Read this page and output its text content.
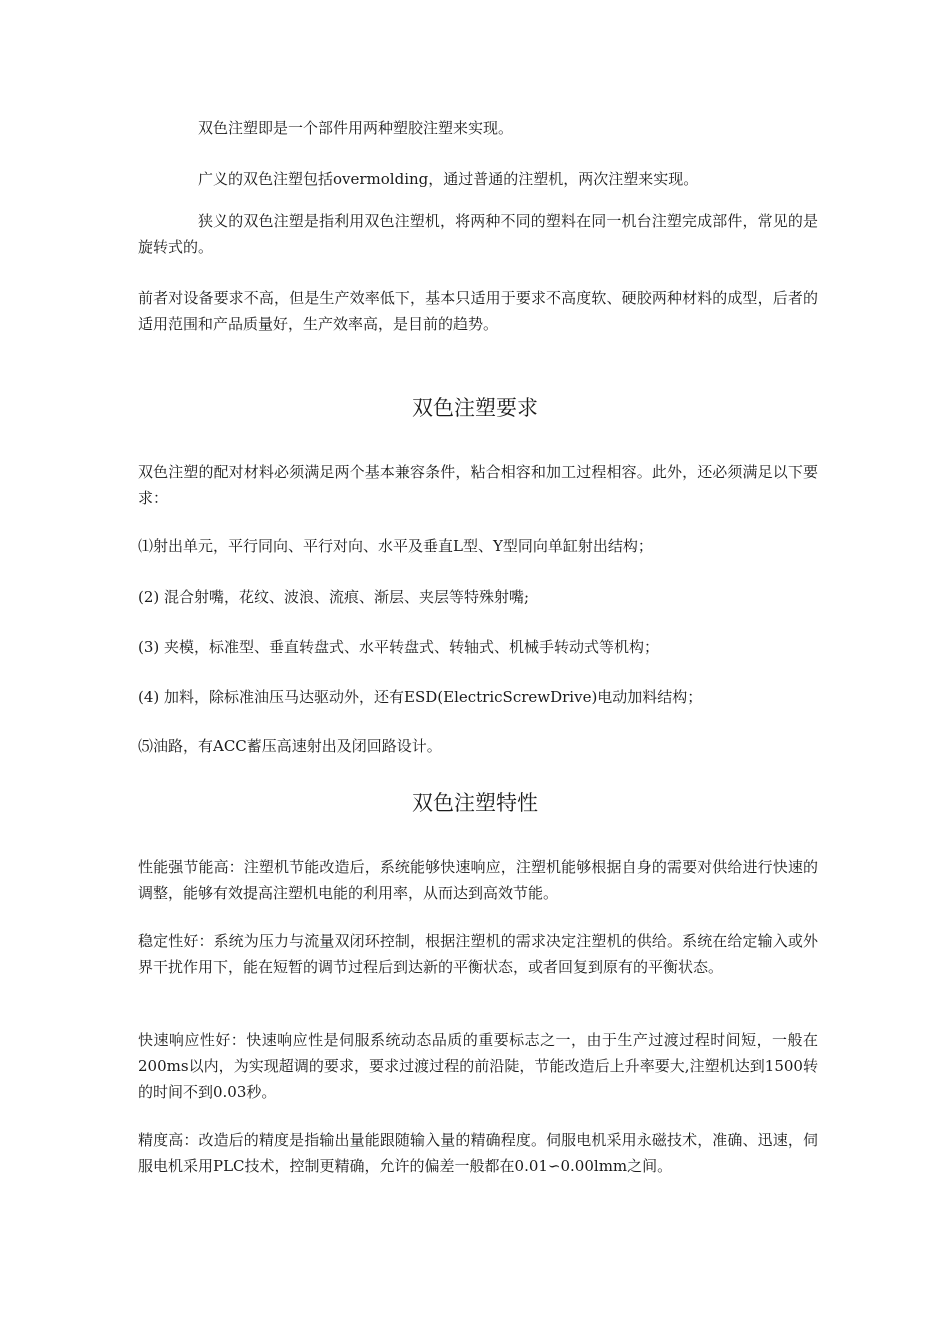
双色注塑即是一个部件用两种塑胶注塑来实现。

广义的双色注塑包括overmolding，通过普通的注塑机，两次注塑来实现。

狭义的双色注塑是指利用双色注塑机，将两种不同的塑料在同一机台注塑完成部件，常见的是旋转式的。

前者对设备要求不高，但是生产效率低下，基本只适用于要求不高度软、硬胶两种材料的成型，后者的适用范围和产品质量好，生产效率高，是目前的趋势。

双色注塑要求

双色注塑的配对材料必须满足两个基本兼容条件，粘合相容和加工过程相容。此外，还必须满足以下要求：

⑴射出单元，平行同向、平行对向、水平及垂直L型、Y型同向单缸射出结构；

(2) 混合射嘴，花纹、波浪、流痕、渐层、夹层等特殊射嘴;

(3) 夹模，标准型、垂直转盘式、水平转盘式、转轴式、机械手转动式等机构；

(4) 加料，除标准油压马达驱动外，还有ESD(ElectricScrewDrive)电动加料结构；

⑸油路，有ACC蓄压高速射出及闭回路设计。

双色注塑特性

性能强节能高：注塑机节能改造后，系统能够快速响应，注塑机能够根据自身的需要对供给进行快速的调整，能够有效提高注塑机电能的利用率，从而达到高效节能。

稳定性好：系统为压力与流量双闭环控制，根据注塑机的需求决定注塑机的供给。系统在给定输入或外界干扰作用下，能在短暂的调节过程后到达新的平衡状态，或者回复到原有的平衡状态。

快速响应性好：快速响应性是伺服系统动态品质的重要标志之一，由于生产过渡过程时间短，一般在200ms以内，为实现超调的要求，要求过渡过程的前沿陡，节能改造后上升率要大,注塑机达到1500转的时间不到0.03秒。

精度高：改造后的精度是指输出量能跟随输入量的精确程度。伺服电机采用永磁技术，准确、迅速，伺服电机采用PLC技术，控制更精确，允许的偏差一般都在0.01∽0.00lmm之间。
